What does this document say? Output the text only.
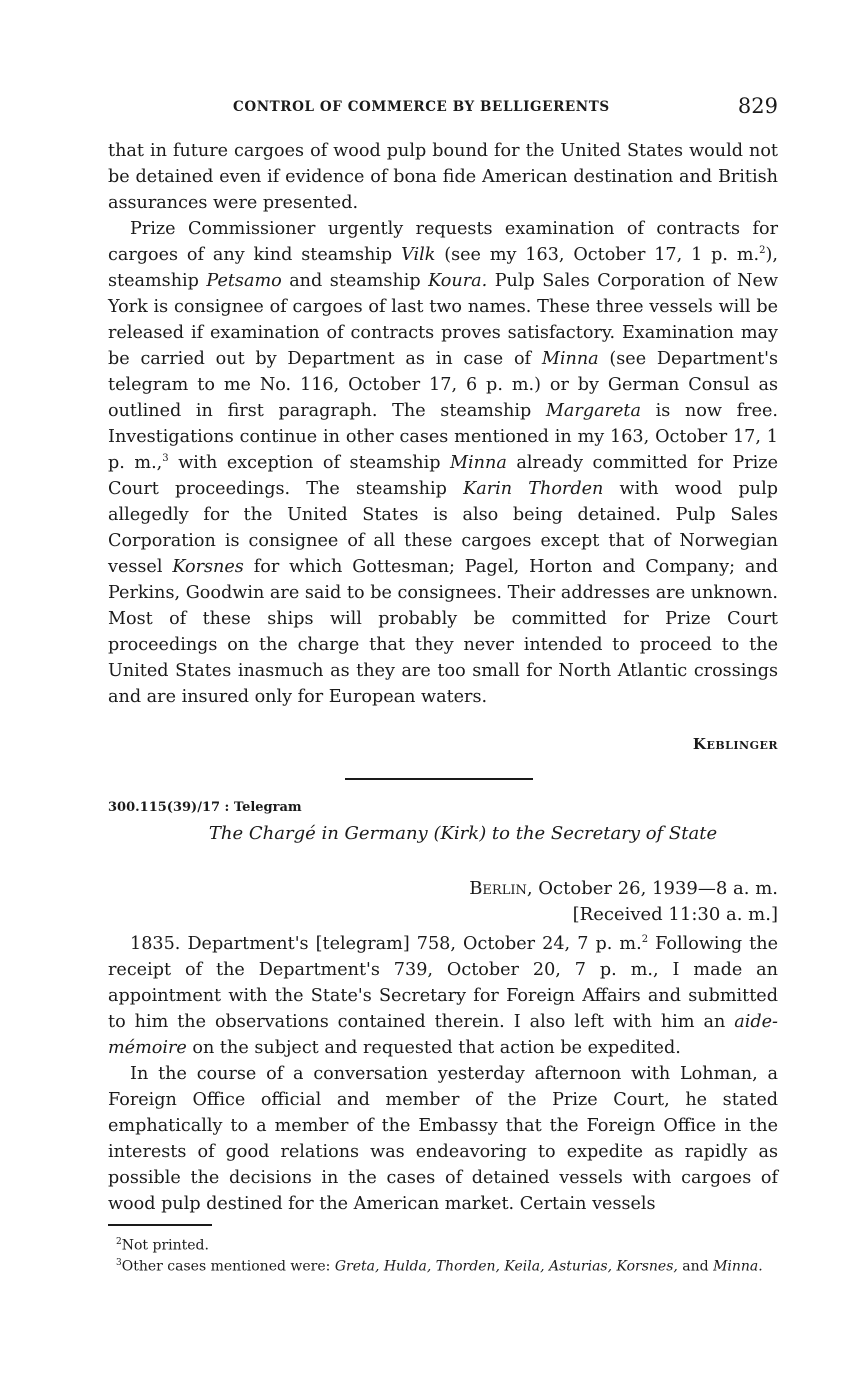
CONTROL OF COMMERCE BY BELLIGERENTS	829

that in future cargoes of wood pulp bound for the United States would not be detained even if evidence of bona fide American destination and British assurances were presented.

Prize Commissioner urgently requests examination of contracts for cargoes of any kind steamship Vilk (see my 163, October 17, 1 p. m.$^2$), steamship Petsamo and steamship Koura. Pulp Sales Corporation of New York is consignee of cargoes of last two names. These three vessels will be released if examination of contracts proves satisfactory. Examination may be carried out by Department as in case of Minna (see Department's telegram to me No. 116, October 17, 6 p. m.) or by German Consul as outlined in first paragraph. The steamship Margareta is now free. Investigations continue in other cases mentioned in my 163, October 17, 1 p. m.,$^3$ with exception of steamship Minna already committed for Prize Court proceedings. The steamship Karin Thorden with wood pulp allegedly for the United States is also being detained. Pulp Sales Corporation is consignee of all these cargoes except that of Norwegian vessel Korsnes for which Gottesman; Pagel, Horton and Company; and Perkins, Goodwin are said to be consignees. Their addresses are unknown. Most of these ships will probably be committed for Prize Court proceedings on the charge that they never intended to proceed to the United States inasmuch as they are too small for North Atlantic crossings and are insured only for European waters.

Keblinger
300.115(39)/17 : Telegram
The Chargé in Germany (Kirk) to the Secretary of State
Berlin, October 26, 1939—8 a. m.
[Received 11:30 a. m.]

1835. Department's [telegram] 758, October 24, 7 p. m.$^2$ Following the receipt of the Department's 739, October 20, 7 p. m., I made an appointment with the State's Secretary for Foreign Affairs and submitted to him the observations contained therein. I also left with him an aide-mémoire on the subject and requested that action be expedited.

In the course of a conversation yesterday afternoon with Lohman, a Foreign Office official and member of the Prize Court, he stated emphatically to a member of the Embassy that the Foreign Office in the interests of good relations was endeavoring to expedite as rapidly as possible the decisions in the cases of detained vessels with cargoes of wood pulp destined for the American market. Certain vessels

$^2$Not printed.

$^3$Other cases mentioned were: Greta, Hulda, Thorden, Keila, Asturias, Korsnes, and Minna.
